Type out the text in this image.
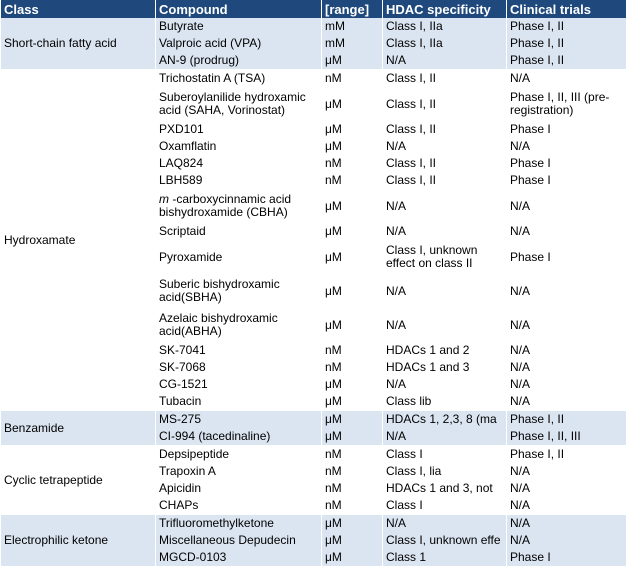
Class	Compound	[range]	HDAC specificity	Clinical trials
Short-chain fatty acid	Butyrate	mM	Class I, IIa	Phase I, II
	Valproic acid (VPA)	mM	Class I, IIa	Phase I, II
	AN-9 (prodrug)	μM	N/A	Phase I, II
Hydroxamate	Trichostatin A (TSA)	nM	Class I, II	N/A
	Suberoylanilide hydroxamic acid (SAHA, Vorinostat)	μM	Class I, II	Phase I, II, III (pre-registration)
	PXD101	μM	Class I, II	Phase I
	Oxamflatin	μM	N/A	N/A
	LAQ824	nM	Class I, II	Phase I
	LBH589	nM	Class I, II	Phase I
	m -carboxycinnamic acid bishydroxamide (CBHA)	μM	N/A	N/A
	Scriptaid	μM	N/A	N/A
	Pyroxamide	μM	Class I, unknown effect on class II	Phase I
	Suberic bishydroxamic acid(SBHA)	μM	N/A	N/A
	Azelaic bishydroxamic acid(ABHA)	μM	N/A	N/A
	SK-7041	nM	HDACs 1 and 2	N/A
	SK-7068	nM	HDACs 1 and 3	N/A
	CG-1521	μM	N/A	N/A
	Tubacin	μM	Class lib	N/A
Benzamide	MS-275	μM	HDACs 1, 2,3, 8 (ma	Phase I, II
	CI-994 (tacedinaline)	μM	N/A	Phase I, II, III
Cyclic tetrapeptide	Depsipeptide	nM	Class I	Phase I, II
	Trapoxin A	nM	Class I, lia	N/A
	Apicidin	nM	HDACs 1 and 3, not	N/A
	CHAPs	nM	Class I	N/A
Electrophilic ketone	Trifluoromethylketone	μM	N/A	N/A
	Miscellaneous Depudecin	μM	Class I, unknown effe	N/A
	MGCD-0103	μM	Class 1	Phase I
